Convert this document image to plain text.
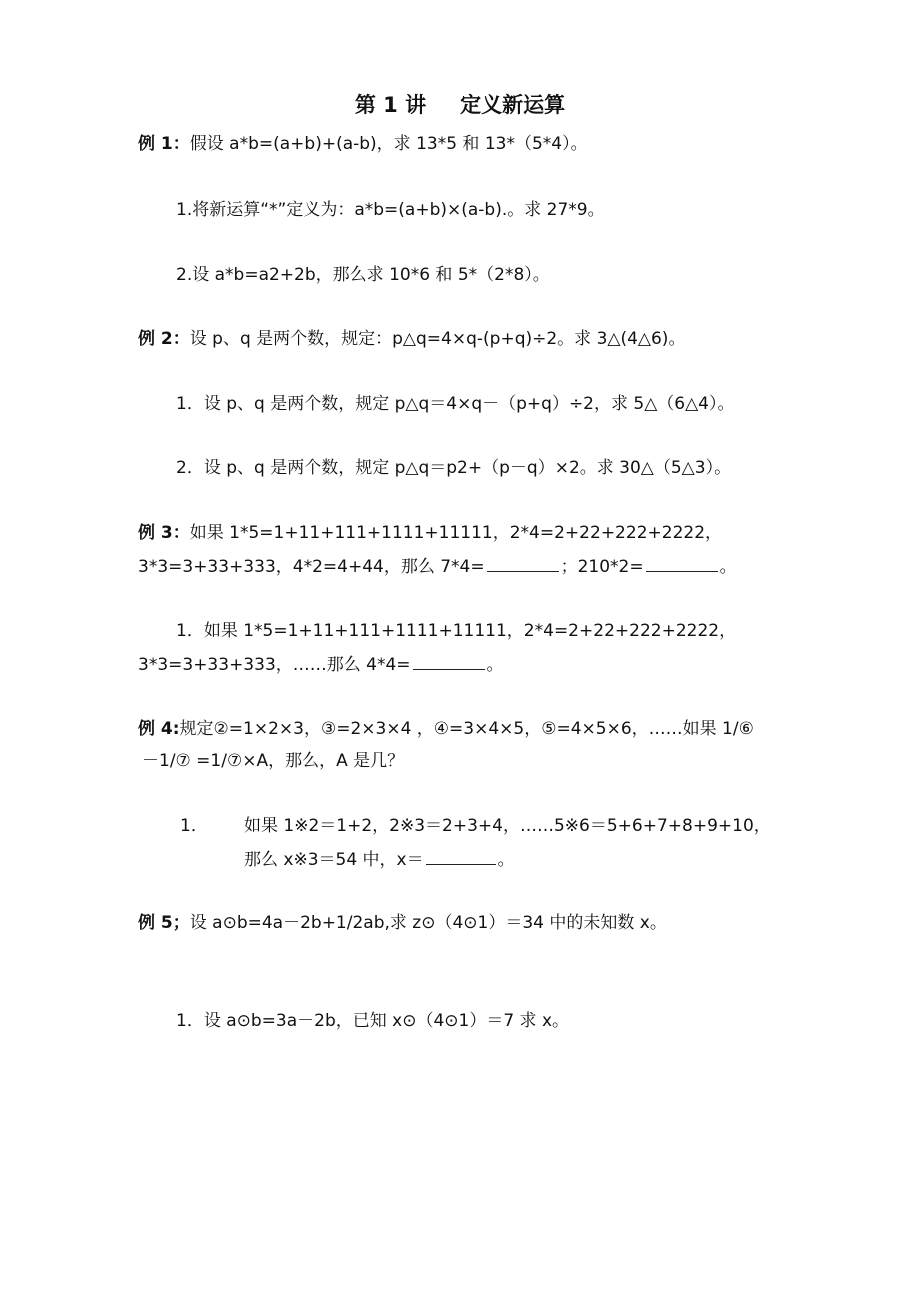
第 1 讲 定义新运算
例 1：假设 a*b=(a+b)+(a-b)，求 13*5 和 13*（5*4）。
1.将新运算“*”定义为：a*b=(a+b)×(a-b).。求 27*9。
2.设 a*b=a2+2b，那么求 10*6 和 5*（2*8）。
例 2：设 p、q 是两个数，规定：p△q=4×q-(p+q)÷2。求 3△(4△6)。
1．设 p、q 是两个数，规定 p△q＝4×q－（p+q）÷2，求 5△（6△4）。
2．设 p、q 是两个数，规定 p△q＝p2+（p－q）×2。求 30△（5△3）。
例 3：如果 1*5=1+11+111+1111+11111，2*4=2+22+222+2222，
3*3=3+33+333，4*2=4+44，那么 7*4=	；210*2=	。
1．如果 1*5=1+11+111+1111+11111，2*4=2+22+222+2222，
3*3=3+33+333，……那么 4*4=	。
例 4:规定②=1×2×3，③=2×3×4 ，④=3×4×5，⑤=4×5×6，……如果 1/⑥
－1/⑦ =1/⑦×A，那么，A 是几？
1． 如果 1※2＝1+2，2※3＝2+3+4，……5※6＝5+6+7+8+9+10，
那么 x※3＝54 中，x＝	。
例 5；设 a⊙b=4a－2b+1/2ab,求 z⊙（4⊙1）＝34 中的未知数 x。
1．设 a⊙b=3a－2b，已知 x⊙（4⊙1）＝7 求 x。
